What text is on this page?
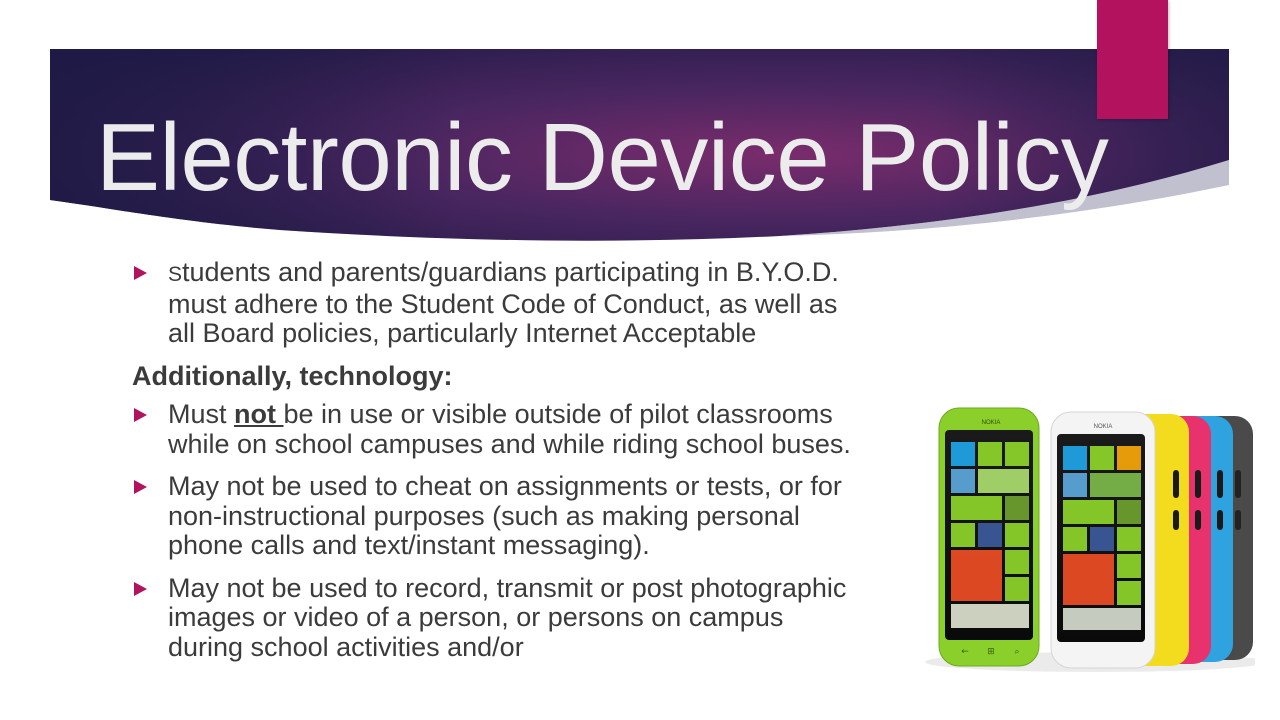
Electronic Device Policy
Students and parents/guardians participating in B.Y.O.D. must adhere to the Student Code of Conduct, as well as all Board policies, particularly Internet Acceptable
Additionally, technology:
Must not be in use or visible outside of pilot classrooms while on school campuses and while riding school buses.
May not be used to cheat on assignments or tests, or for non-instructional purposes (such as making personal phone calls and text/instant messaging).
May not be used to record, transmit or post photographic images or video of a person, or persons on campus during school activities and/or
NOKIA
NOKIA
← ⊞ ⌕
